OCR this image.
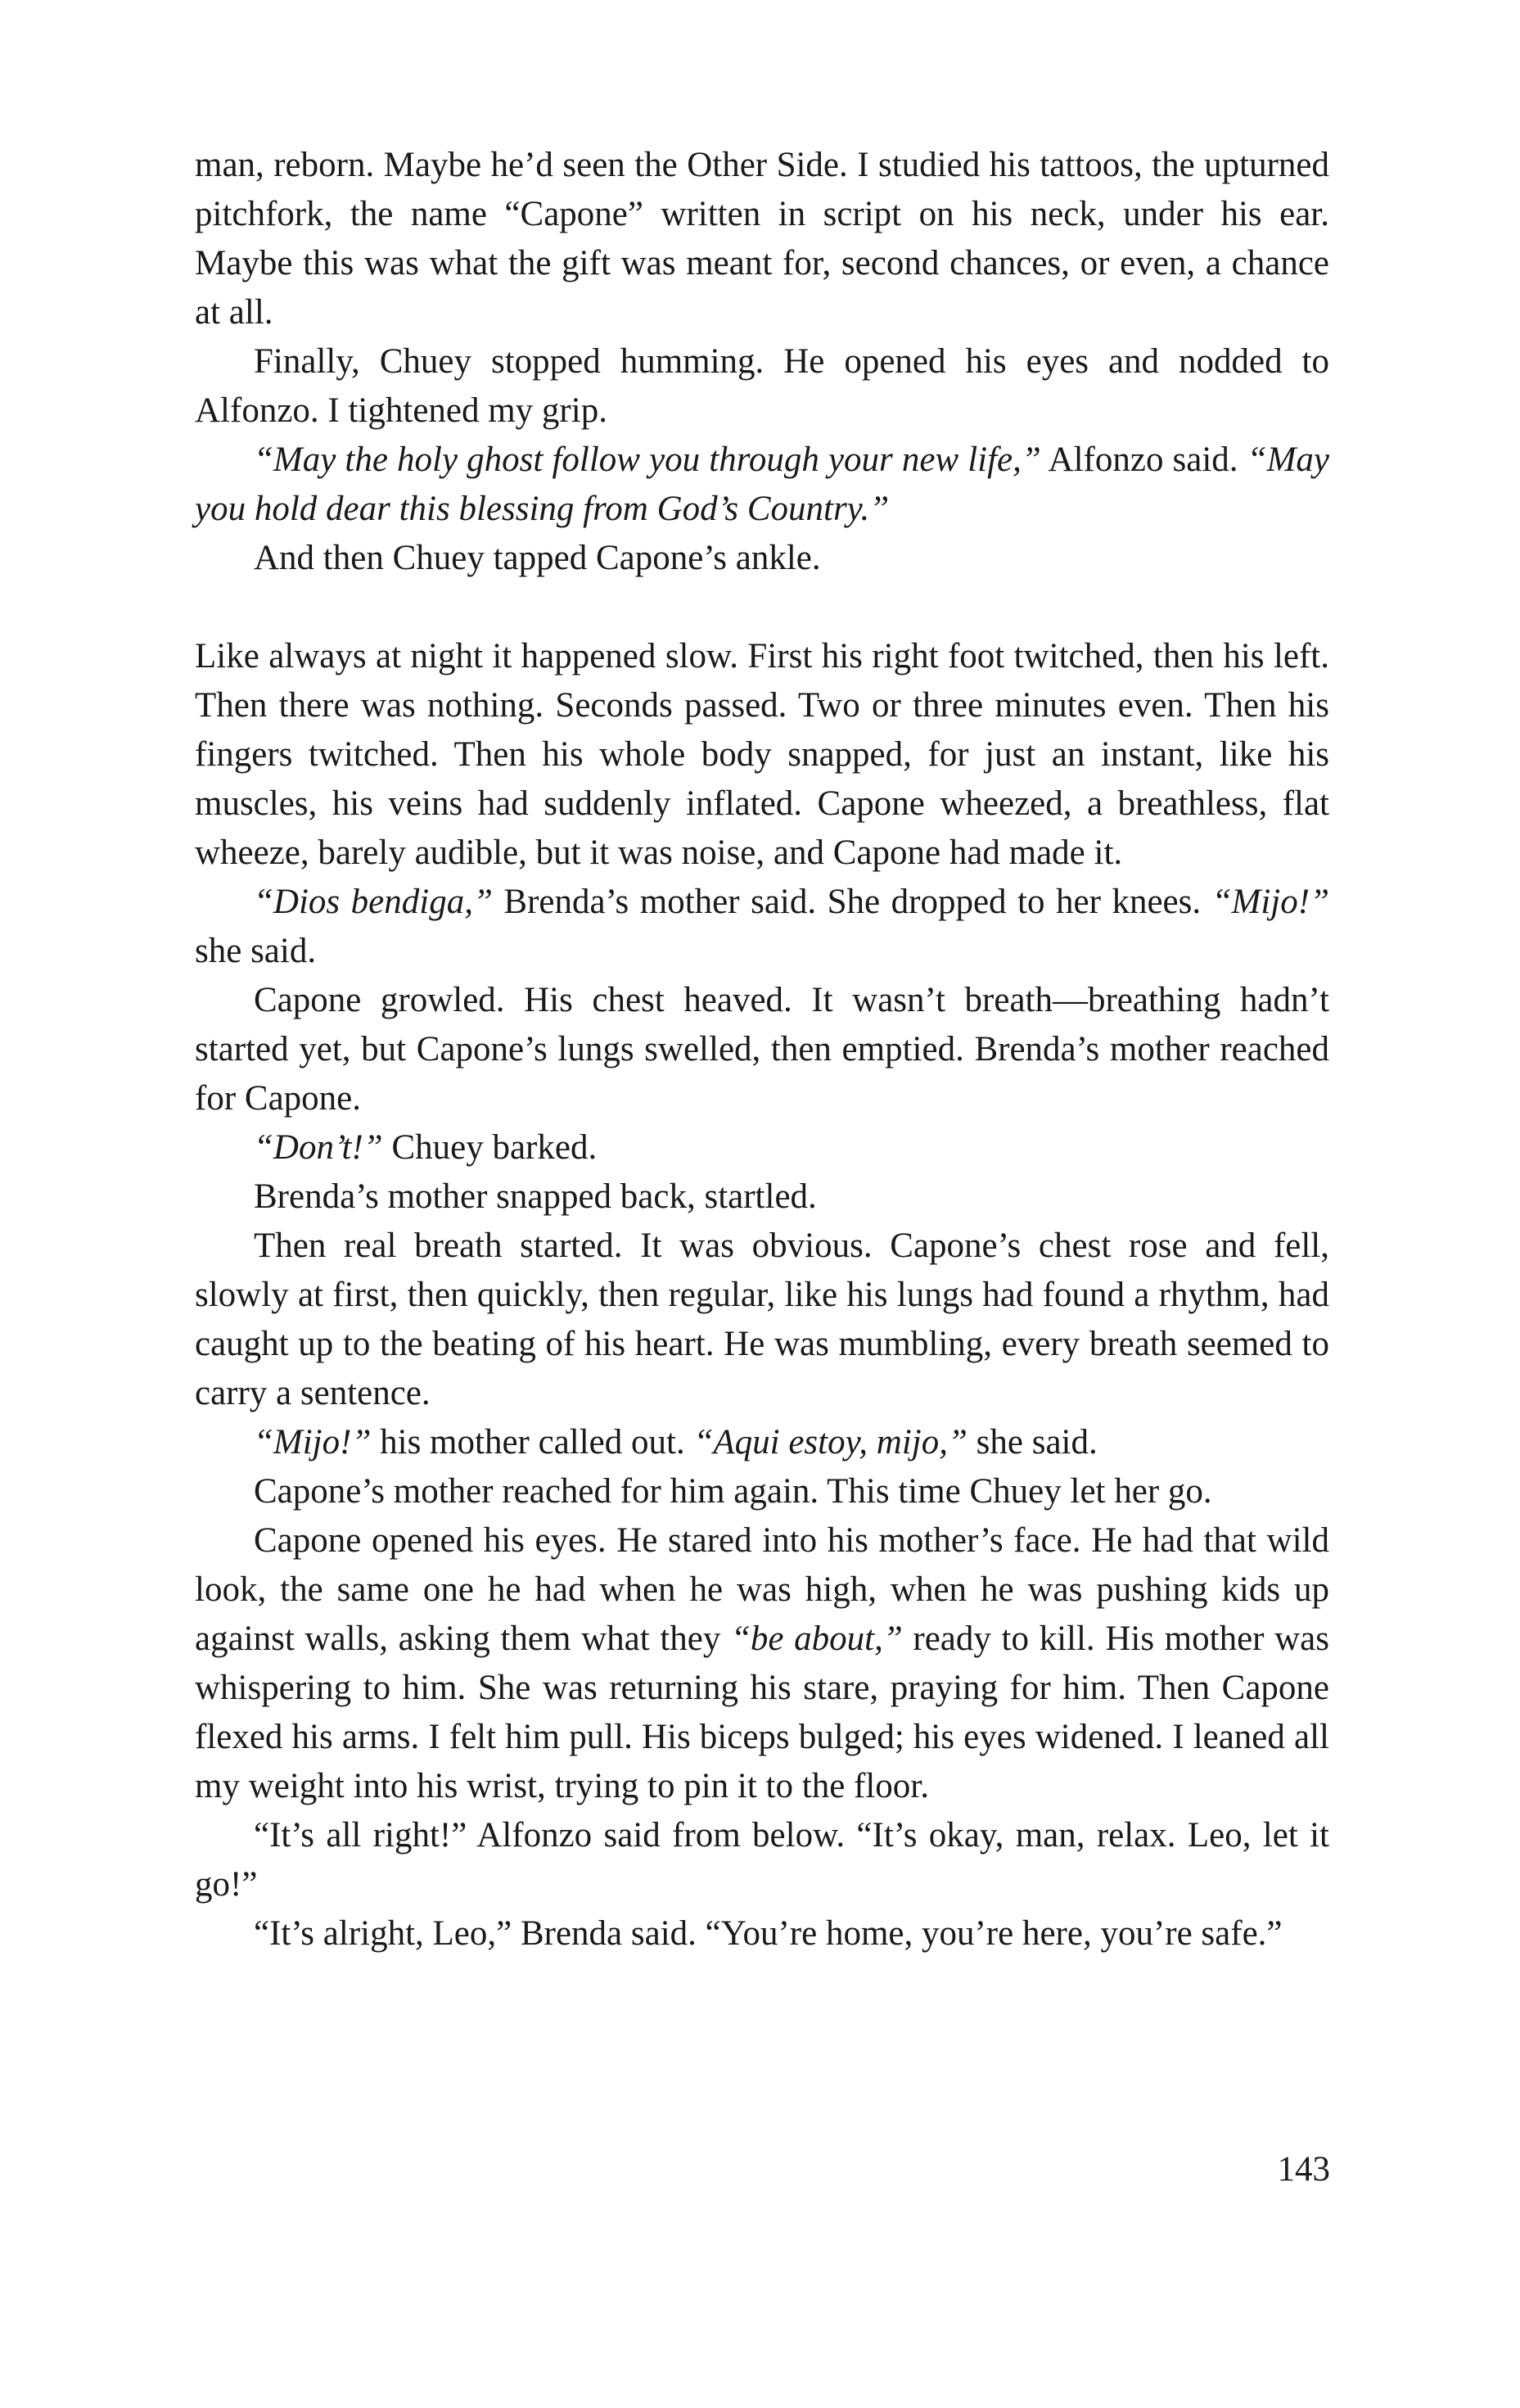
man, reborn. Maybe he’d seen the Other Side. I studied his tattoos, the upturned pitchfork, the name “Capone” written in script on his neck, under his ear. Maybe this was what the gift was meant for, second chances, or even, a chance at all.

Finally, Chuey stopped humming. He opened his eyes and nodded to Alfonzo. I tightened my grip.

“May the holy ghost follow you through your new life,” Alfonzo said. “May you hold dear this blessing from God’s Country.”

And then Chuey tapped Capone’s ankle.

Like always at night it happened slow. First his right foot twitched, then his left. Then there was nothing. Seconds passed. Two or three minutes even. Then his fingers twitched. Then his whole body snapped, for just an instant, like his muscles, his veins had suddenly inflated. Capone wheezed, a breathless, flat wheeze, barely audible, but it was noise, and Capone had made it.

“Dios bendiga,” Brenda’s mother said. She dropped to her knees. “Mijo!” she said.

Capone growled. His chest heaved. It wasn’t breath—breathing hadn’t started yet, but Capone’s lungs swelled, then emptied. Brenda’s mother reached for Capone.

“Don’t!” Chuey barked.

Brenda’s mother snapped back, startled.

Then real breath started. It was obvious. Capone’s chest rose and fell, slowly at first, then quickly, then regular, like his lungs had found a rhythm, had caught up to the beating of his heart. He was mumbling, every breath seemed to carry a sentence.

“Mijo!” his mother called out. “Aqui estoy, mijo,” she said.

Capone’s mother reached for him again. This time Chuey let her go.

Capone opened his eyes. He stared into his mother’s face. He had that wild look, the same one he had when he was high, when he was pushing kids up against walls, asking them what they “be about,” ready to kill. His mother was whispering to him. She was returning his stare, praying for him. Then Capone flexed his arms. I felt him pull. His biceps bulged; his eyes widened. I leaned all my weight into his wrist, trying to pin it to the floor.

“It’s all right!” Alfonzo said from below. “It’s okay, man, relax. Leo, let it go!”

“It’s alright, Leo,” Brenda said. “You’re home, you’re here, you’re safe.”

143
